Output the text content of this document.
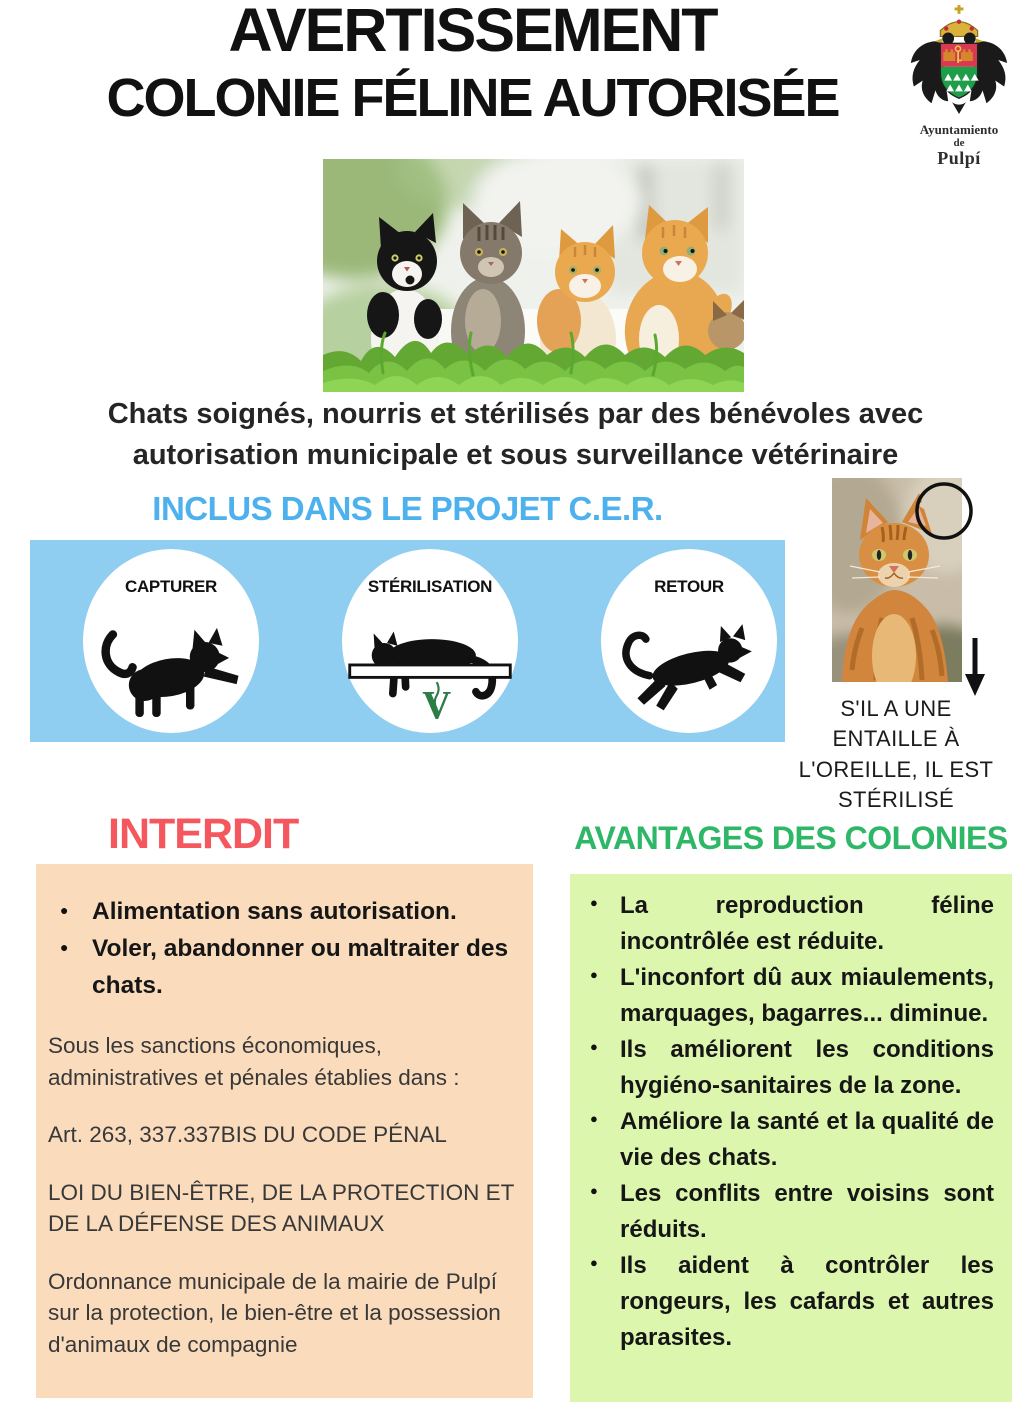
AVERTISSEMENT
COLONIE FÉLINE AUTORISÉE
Ayuntamiento
de
Pulpí

Chats soignés, nourris et stérilisés par des bénévoles avec autorisation municipale et sous surveillance vétérinaire

INCLUS DANS LE PROJET C.E.R.
CAPTURER	STÉRILISATION
V
RETOUR
S'IL A UNE
ENTAILLE À
L'OREILLE, IL EST
STÉRILISÉ
INTERDIT
● Alimentation sans autorisation.
● Voler, abandonner ou maltraiter des chats.

Sous les sanctions économiques, administratives et pénales établies dans :

Art. 263, 337.337BIS DU CODE PÉNAL

LOI DU BIEN-ÊTRE, DE LA PROTECTION ET DE LA DÉFENSE DES ANIMAUX

Ordonnance municipale de la mairie de Pulpí sur la protection, le bien-être et la possession d'animaux de compagnie

AVANTAGES DES COLONIES
● La reproduction féline incontrôlée est réduite.
● L'inconfort dû aux miaulements, marquages, bagarres... diminue.
● Ils améliorent les conditions hygiéno-sanitaires de la zone.
● Améliore la santé et la qualité de vie des chats.
● Les conflits entre voisins sont réduits.
● Ils aident à contrôler les rongeurs, les cafards et autres parasites.
